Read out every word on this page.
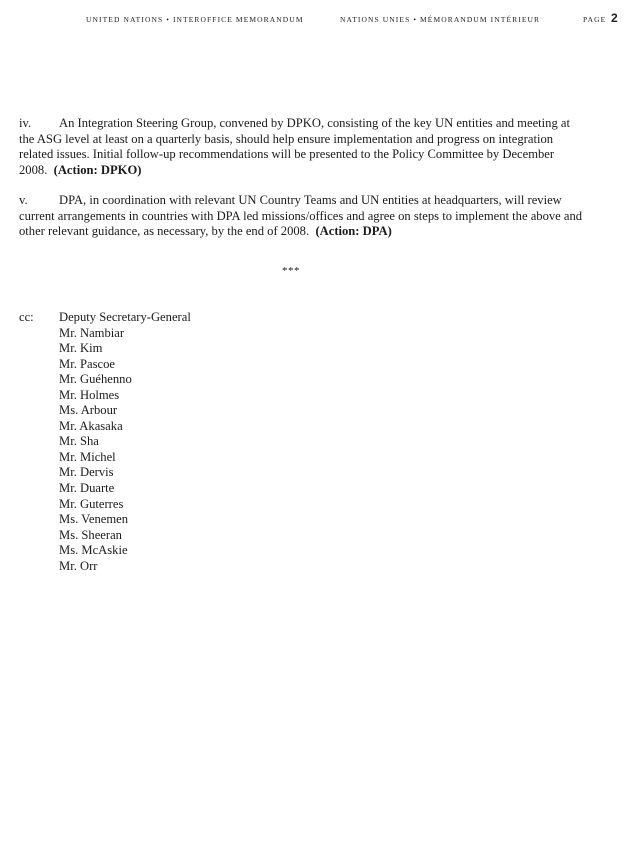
UNITED NATIONS • INTEROFFICE MEMORANDUM	NATIONS UNIES • MÉMORANDUM INTÉRIEUR	PAGE 2
iv. An Integration Steering Group, convened by DPKO, consisting of the key UN entities and meeting at the ASG level at least on a quarterly basis, should help ensure implementation and progress on integration related issues. Initial follow-up recommendations will be presented to the Policy Committee by December 2008. (Action: DPKO)
v. DPA, in coordination with relevant UN Country Teams and UN entities at headquarters, will review current arrangements in countries with DPA led missions/offices and agree on steps to implement the above and other relevant guidance, as necessary, by the end of 2008. (Action: DPA)
***
cc: Deputy Secretary-General
Mr. Nambiar
Mr. Kim
Mr. Pascoe
Mr. Guéhenno
Mr. Holmes
Ms. Arbour
Mr. Akasaka
Mr. Sha
Mr. Michel
Mr. Dervis
Mr. Duarte
Mr. Guterres
Ms. Venemen
Ms. Sheeran
Ms. McAskie
Mr. Orr
